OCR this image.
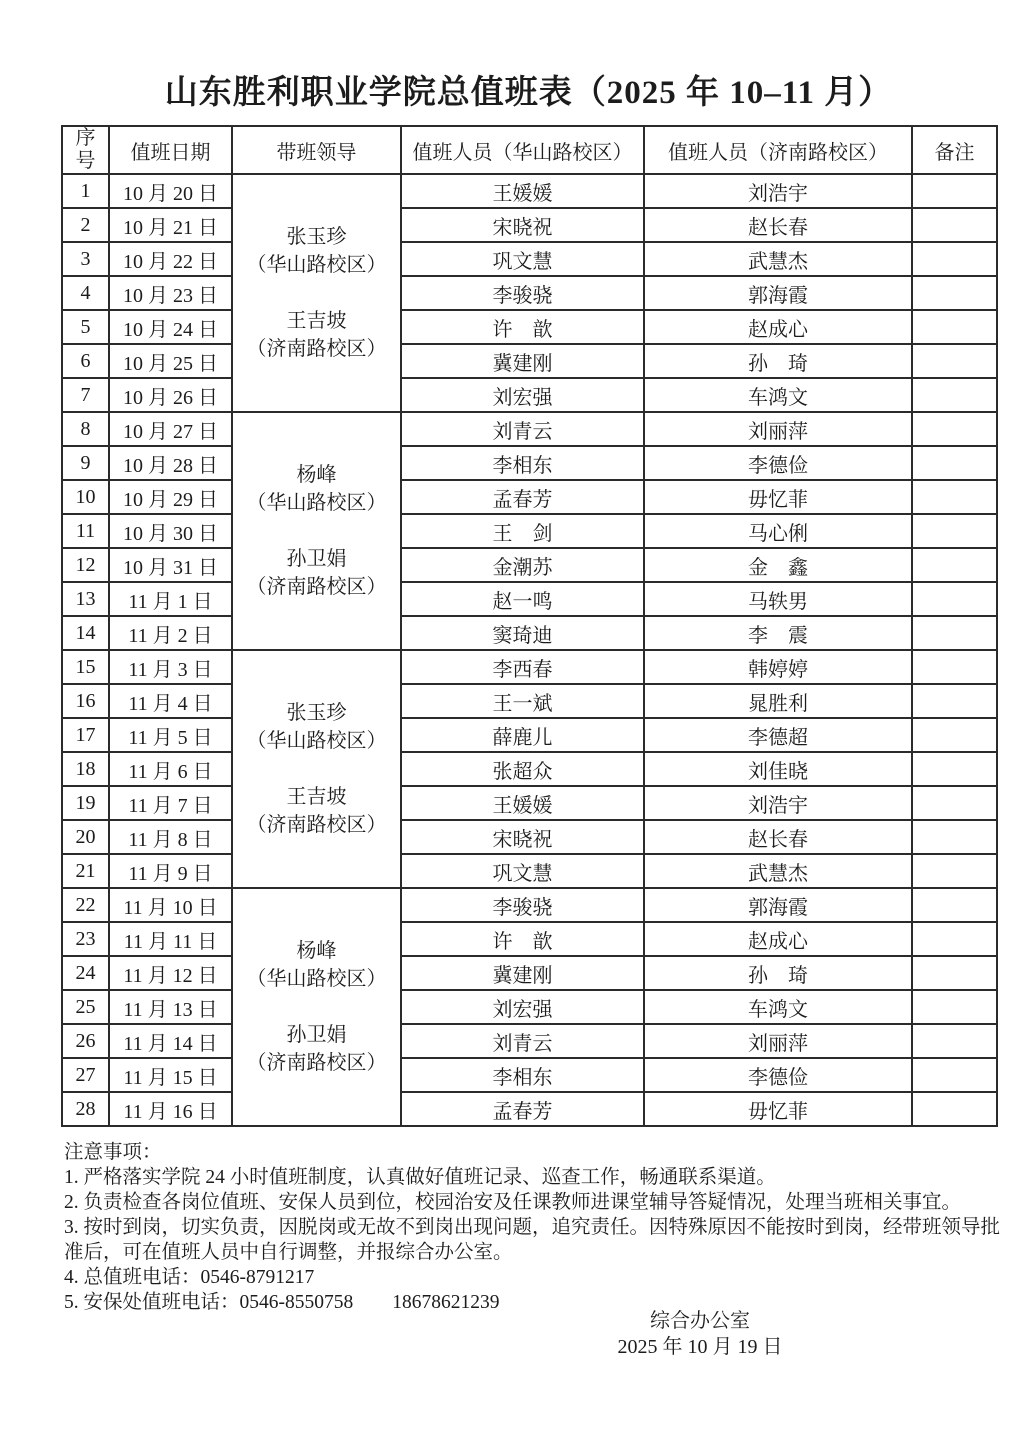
山东胜利职业学院总值班表（2025 年 10–11 月）
序号	值班日期	带班领导	值班人员（华山路校区）	值班人员（济南路校区）	备注
1	10 月 20 日	张玉珍
（华山路校区）

王吉坡
（济南路校区）	王媛媛	刘浩宇	
2	10 月 21 日		宋晓祝	赵长春	
3	10 月 22 日		巩文慧	武慧杰	
4	10 月 23 日		李骏骁	郭海霞	
5	10 月 24 日		许　歆	赵成心	
6	10 月 25 日		冀建刚	孙　琦	
7	10 月 26 日		刘宏强	车鸿文	
8	10 月 27 日	杨峰
（华山路校区）

孙卫娟
（济南路校区）	刘青云	刘丽萍	
9	10 月 28 日		李相东	李德俭	
10	10 月 29 日		孟春芳	毋忆菲	
11	10 月 30 日		王　剑	马心俐	
12	10 月 31 日		金潮苏	金　鑫	
13	11 月 1 日		赵一鸣	马轶男	
14	11 月 2 日		窦琦迪	李　震	
15	11 月 3 日	张玉珍
（华山路校区）

王吉坡
（济南路校区）	李西春	韩婷婷	
16	11 月 4 日		王一斌	晁胜利	
17	11 月 5 日		薛鹿儿	李德超	
18	11 月 6 日		张超众	刘佳晓	
19	11 月 7 日		王媛媛	刘浩宇	
20	11 月 8 日		宋晓祝	赵长春	
21	11 月 9 日		巩文慧	武慧杰	
22	11 月 10 日	杨峰
（华山路校区）

孙卫娟
（济南路校区）	李骏骁	郭海霞	
23	11 月 11 日		许　歆	赵成心	
24	11 月 12 日		冀建刚	孙　琦	
25	11 月 13 日		刘宏强	车鸿文	
26	11 月 14 日		刘青云	刘丽萍	
27	11 月 15 日		李相东	李德俭	
28	11 月 16 日		孟春芳	毋忆菲	
注意事项：
1. 严格落实学院 24 小时值班制度，认真做好值班记录、巡查工作，畅通联系渠道。
2. 负责检查各岗位值班、安保人员到位，校园治安及任课教师进课堂辅导答疑情况，处理当班相关事宜。
3. 按时到岗，切实负责，因脱岗或无故不到岗出现问题，追究责任。因特殊原因不能按时到岗，经带班领导批准后，可在值班人员中自行调整，并报综合办公室。
4. 总值班电话：0546-8791217
5. 安保处值班电话：0546-8550758　　18678621239
综合办公室
2025 年 10 月 19 日
